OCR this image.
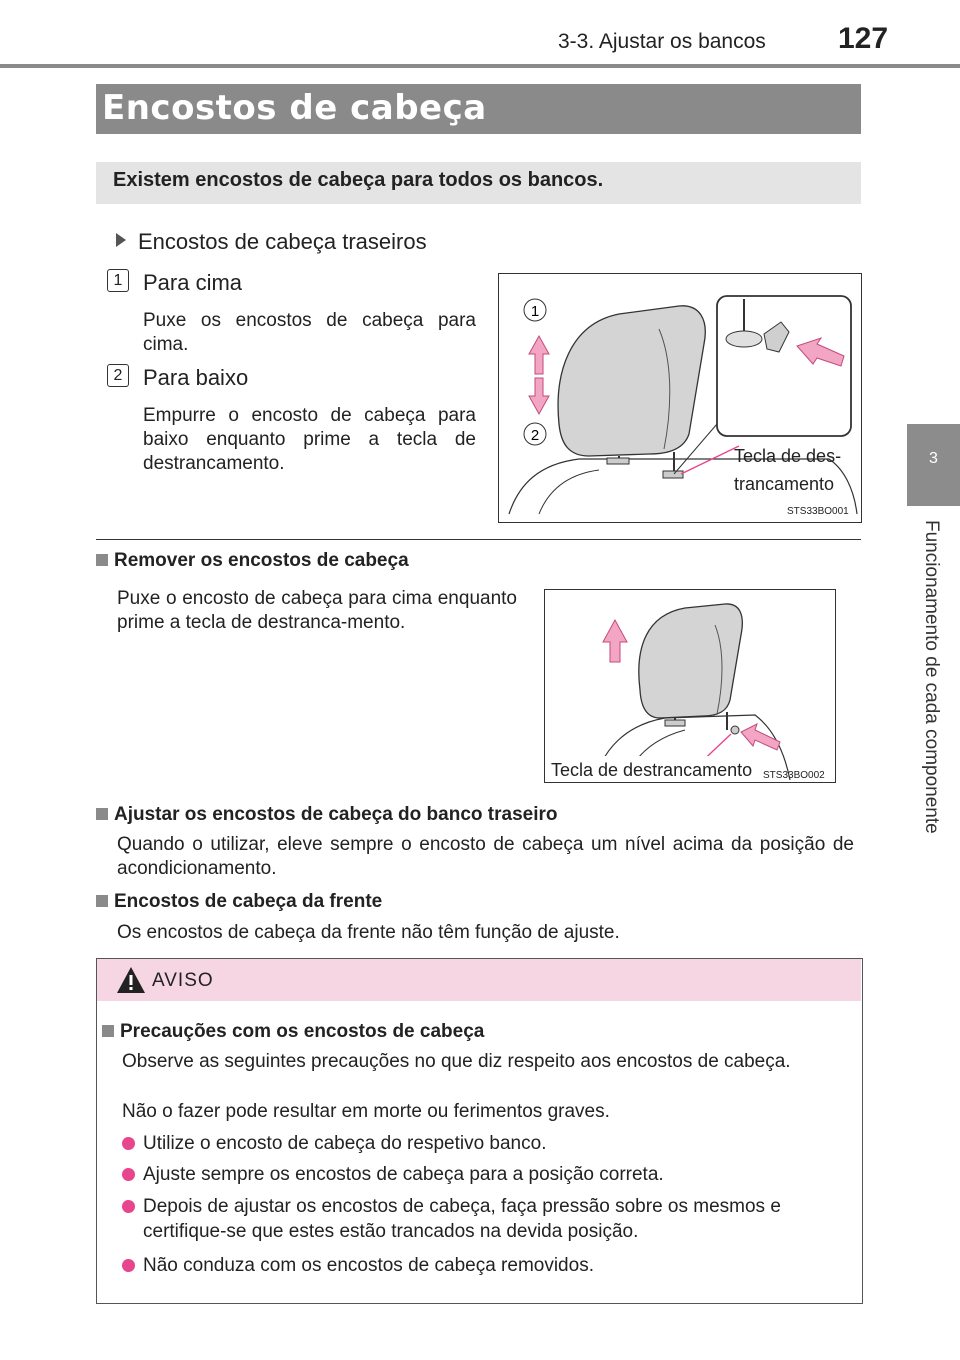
3-3. Ajustar os bancos 127
3
Funcionamento de cada componente
Encostos de cabeça
Existem encostos de cabeça para todos os bancos.
Encostos de cabeça traseiros
1 Para cima
Puxe os encostos de cabeça para cima.
2 Para baixo
Empurre o encosto de cabeça para baixo enquanto prime a tecla de destrancamento.
1
2
Tecla de des-
trancamento
STS33BO001
Remover os encostos de cabeça
Puxe o encosto de cabeça para cima enquanto prime a tecla de destranca-mento.
Tecla de destrancamento STS33BO002
Ajustar os encostos de cabeça do banco traseiro
Quando o utilizar, eleve sempre o encosto de cabeça um nível acima da posição de acondicionamento.
Encostos de cabeça da frente
Os encostos de cabeça da frente não têm função de ajuste.
AVISO
Precauções com os encostos de cabeça
Observe as seguintes precauções no que diz respeito aos encostos de cabeça.
Não o fazer pode resultar em morte ou ferimentos graves.
Utilize o encosto de cabeça do respetivo banco.
Ajuste sempre os encostos de cabeça para a posição correta.
Depois de ajustar os encostos de cabeça, faça pressão sobre os mesmos e certifique-se que estes estão trancados na devida posição.
Não conduza com os encostos de cabeça removidos.
